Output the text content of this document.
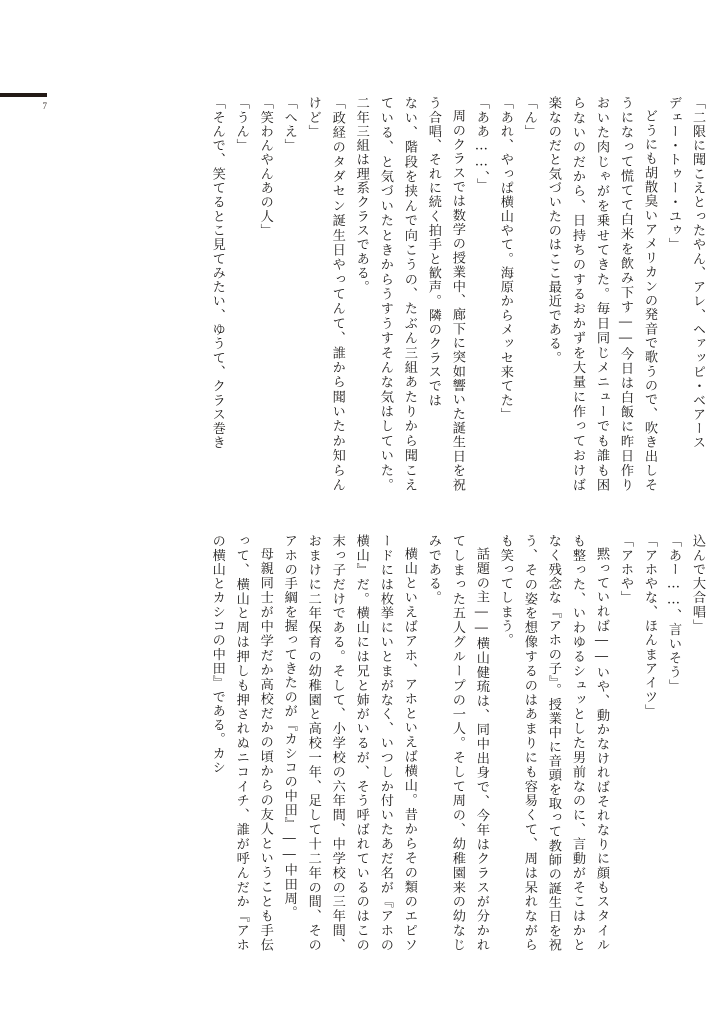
7	「二限に聞こえとったやん、アレ、ヘァッピ・ベアース

デェー・トゥー・ユゥ」

どうにも胡散臭いアメリカンの発音で歌うので、吹き出しそうになって慌てて白米を飲み下す――今日は白飯に昨日作りおいた肉じゃがを乗せてきた。毎日同じメニューでも誰も困らないのだから、日持ちのするおかずを大量に作っておけば楽なのだと気づいたのはここ最近である。

「ん」

「あれ、やっぱ横山やて。海原からメッセ来てた」

「ああ……、」

周のクラスでは数学の授業中、廊下に突如響いた誕生日を祝う合唱、それに続く拍手と歓声。隣のクラスでは

ない、階段を挟んで向こうの、たぶん三組あたりから聞こえている、と気づいたときからうすうすそんな気はしていた。二年三組は理系クラスである。

「政経のタダセン誕生日やってんて、誰から聞いたか知らんけど」

「へえ」

「笑わんやんあの人」

「うん」

「そんで、笑てるとこ見てみたい、ゆうて、クラス巻き

込んで大合唱」

「あー……、言いそう」

「アホやな、ほんまアイツ」

「アホや」

黙っていれば――いや、動かなければそれなりに顔もスタイルも整った、いわゆるシュッとした男前なのに、言動がそこはかとなく残念な『アホの子』。授業中に音頭を取って教師の誕生日を祝う、その姿を想像するのはあまりにも容易くて、周は呆れながらも笑ってしまう。

話題の主――横山健琉は、同中出身で、今年はクラスが分かれてしまった五人グループの一人。そして周の、幼稚園来の幼なじみである。

横山といえばアホ、アホといえば横山。昔からその類のエピソードには枚挙にいとまがなく、いつしか付いたあだ名が『アホの横山』だ。横山には兄と姉がいるが、そう呼ばれているのはこの末っ子だけである。そして、小学校の六年間、中学校の三年間、おまけに二年保育の幼稚園と高校一年、足して十二年の間、そのアホの手綱を握ってきたのが『カシコの中田』――中田周。

母親同士が中学だか高校だかの頃からの友人ということも手伝って、横山と周は押しも押されぬニコイチ、誰が呼んだか『アホの横山とカシコの中田』である。カシ
